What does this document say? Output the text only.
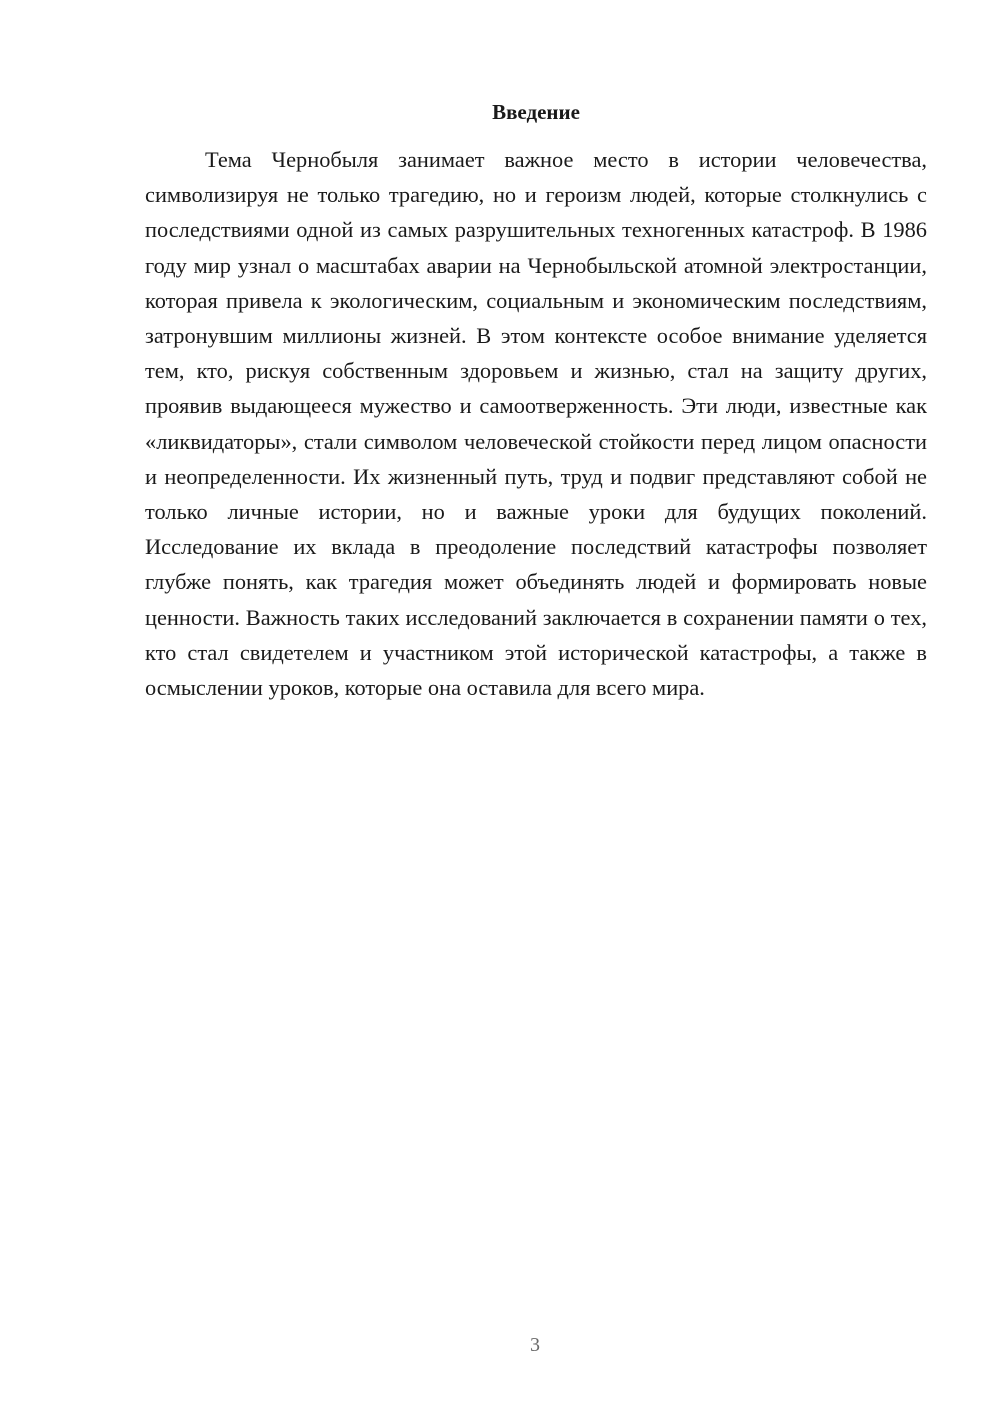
Введение

Тема Чернобыля занимает важное место в истории человечества, символизируя не только трагедию, но и героизм людей, которые столкнулись с последствиями одной из самых разрушительных техногенных катастроф. В 1986 году мир узнал о масштабах аварии на Чернобыльской атомной электростанции, которая привела к экологическим, социальным и экономическим последствиям, затронувшим миллионы жизней. В этом контексте особое внимание уделяется тем, кто, рискуя собственным здоровьем и жизнью, стал на защиту других, проявив выдающееся мужество и самоотверженность. Эти люди, известные как «ликвидаторы», стали символом человеческой стойкости перед лицом опасности и неопределенности. Их жизненный путь, труд и подвиг представляют собой не только личные истории, но и важные уроки для будущих поколений. Исследование их вклада в преодоление последствий катастрофы позволяет глубже понять, как трагедия может объединять людей и формировать новые ценности. Важность таких исследований заключается в сохранении памяти о тех, кто стал свидетелем и участником этой исторической катастрофы, а также в осмыслении уроков, которые она оставила для всего мира.

3
